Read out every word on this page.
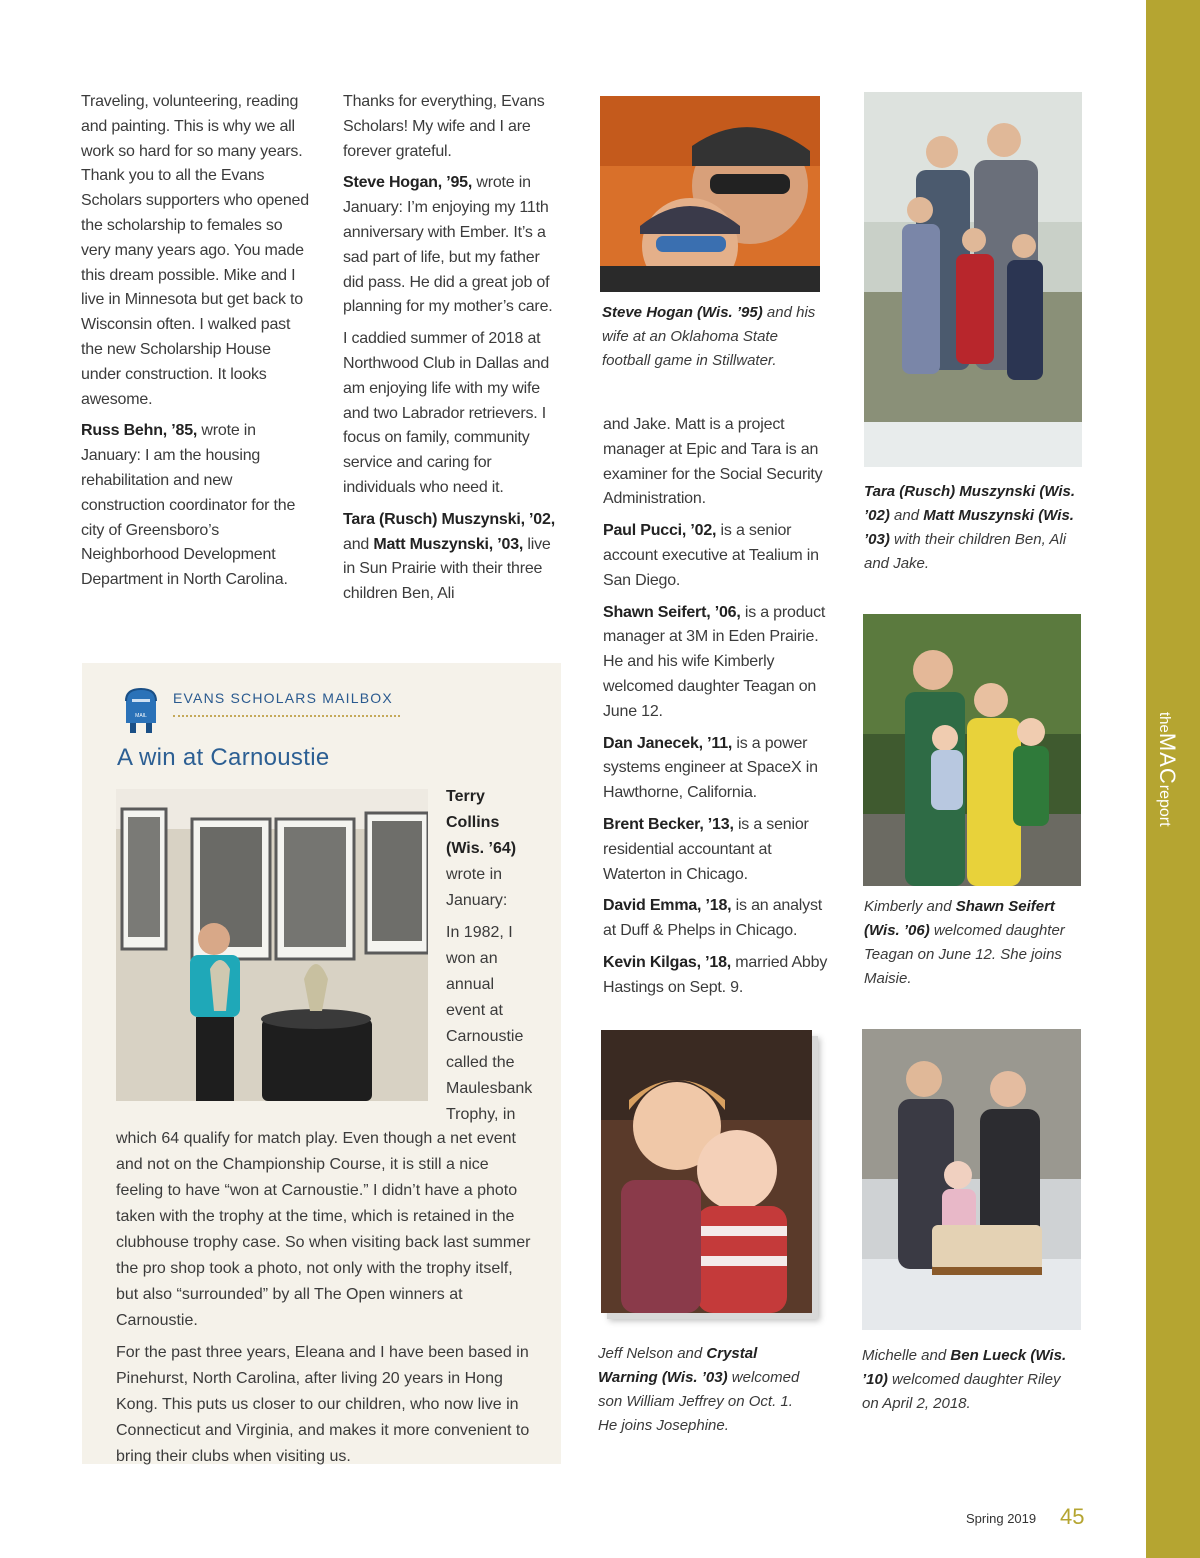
Traveling, volunteering, reading and painting. This is why we all work so hard for so many years. Thank you to all the Evans Scholars supporters who opened the scholarship to females so very many years ago. You made this dream possible. Mike and I live in Minnesota but get back to Wisconsin often. I walked past the new Scholarship House under construction. It looks awesome.

Russ Behn, ’85, wrote in January: I am the housing rehabilitation and new construction coordinator for the city of Greensboro’s Neighborhood Development Department in North Carolina.

Thanks for everything, Evans Scholars! My wife and I are forever grateful.

Steve Hogan, ’95, wrote in January: I’m enjoying my 11th anniversary with Ember. It’s a sad part of life, but my father did pass. He did a great job of planning for my mother’s care.

I caddied summer of 2018 at Northwood Club in Dallas and am enjoying life with my wife and two Labrador retrievers. I focus on family, community service and caring for individuals who need it.

Tara (Rusch) Muszynski, ’02, and Matt Muszynski, ’03, live in Sun Prairie with their three children Ben, Ali

and Jake. Matt is a project manager at Epic and Tara is an examiner for the Social Security Administration.

Paul Pucci, ’02, is a senior account executive at Tealium in San Diego.

Shawn Seifert, ’06, is a product manager at 3M in Eden Prairie. He and his wife Kimberly welcomed daughter Teagan on June 12.

Dan Janecek, ’11, is a power systems engineer at SpaceX in Hawthorne, California.

Brent Becker, ’13, is a senior residential accountant at Waterton in Chicago.

David Emma, ’18, is an analyst at Duff & Phelps in Chicago.

Kevin Kilgas, ’18, married Abby Hastings on Sept. 9.

Steve Hogan (Wis. ’95) and his wife at an Oklahoma State football game in Stillwater.
Tara (Rusch) Muszynski (Wis. ’02) and Matt Muszynski (Wis. ’03) with their children Ben, Ali and Jake.
Kimberly and Shawn Seifert (Wis. ’06) welcomed daughter Teagan on June 12. She joins Maisie.
Jeff Nelson and Crystal Warning (Wis. ’03) welcomed son William Jeffrey on Oct. 1. He joins Josephine.
Michelle and Ben Lueck (Wis. ’10) welcomed daughter Riley on April 2, 2018.
MAIL
EVANS SCHOLARS MAILBOX
A win at Carnoustie

Terry Collins (Wis. ’64) wrote in January:

In 1982, I won an annual event at Carnoustie called the Maulesbank Trophy, in

which 64 qualify for match play. Even though a net event and not on the Championship Course, it is still a nice feeling to have “won at Carnoustie.” I didn’t have a photo taken with the trophy at the time, which is retained in the clubhouse trophy case. So when visiting back last summer the pro shop took a photo, not only with the trophy itself, but also “surrounded” by all The Open winners at Carnoustie.

For the past three years, Eleana and I have been based in Pinehurst, North Carolina, after living 20 years in Hong Kong. This puts us closer to our children, who now live in Connecticut and Virginia, and makes it more convenient to bring their clubs when visiting us.

theMACreport
Spring 2019 45
